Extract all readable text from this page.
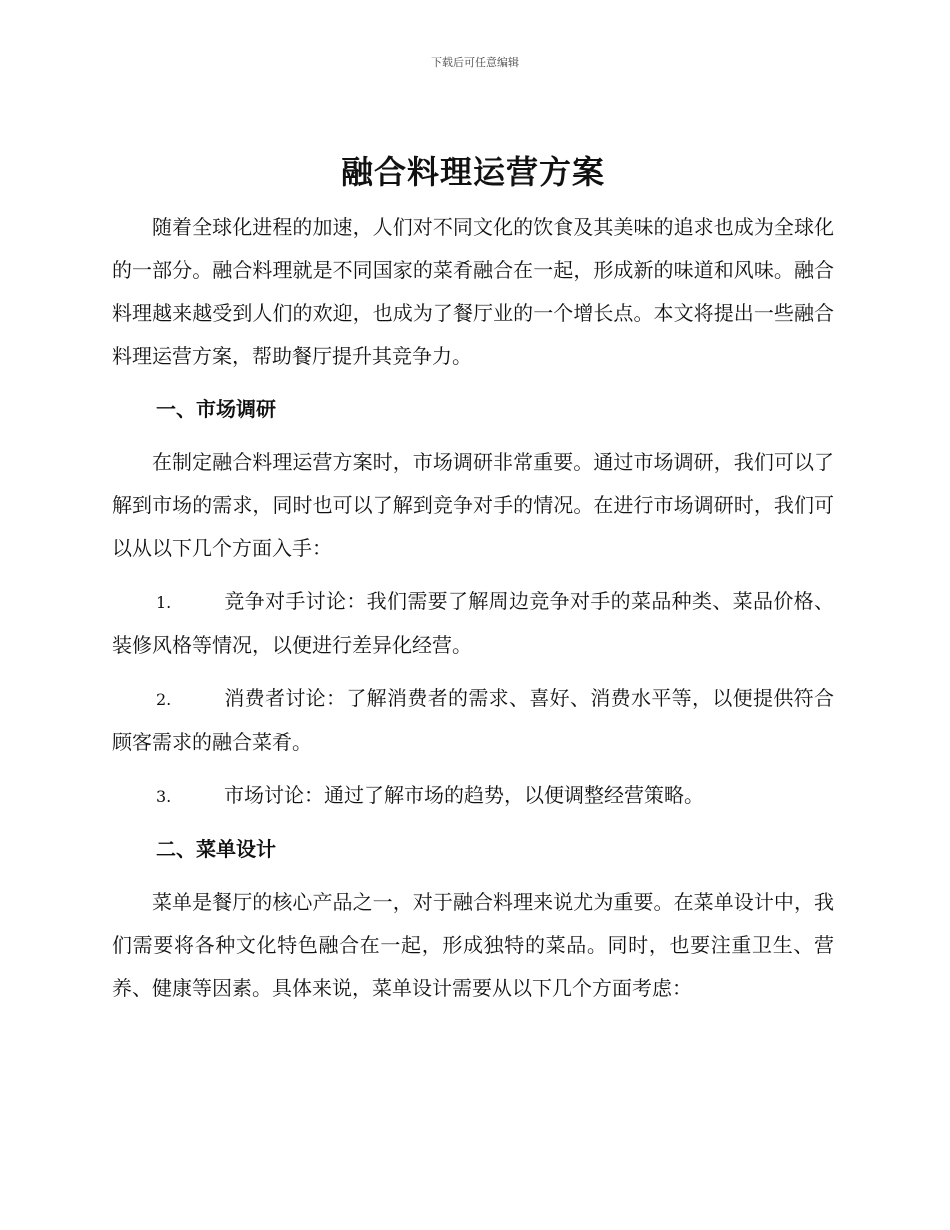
下载后可任意编辑
融合料理运营方案

随着全球化进程的加速，人们对不同文化的饮食及其美味的追求也成为全球化的一部分。融合料理就是不同国家的菜肴融合在一起，形成新的味道和风味。融合料理越来越受到人们的欢迎，也成为了餐厅业的一个增长点。本文将提出一些融合料理运营方案，帮助餐厅提升其竞争力。

一、市场调研

在制定融合料理运营方案时，市场调研非常重要。通过市场调研，我们可以了解到市场的需求，同时也可以了解到竞争对手的情况。在进行市场调研时，我们可以从以下几个方面入手：

1.	竞争对手讨论：我们需要了解周边竞争对手的菜品种类、菜品价格、装修风格等情况，以便进行差异化经营。

2.	消费者讨论：了解消费者的需求、喜好、消费水平等，以便提供符合顾客需求的融合菜肴。

3.	市场讨论：通过了解市场的趋势，以便调整经营策略。

二、菜单设计

菜单是餐厅的核心产品之一，对于融合料理来说尤为重要。在菜单设计中，我们需要将各种文化特色融合在一起，形成独特的菜品。同时，也要注重卫生、营养、健康等因素。具体来说，菜单设计需要从以下几个方面考虑：
